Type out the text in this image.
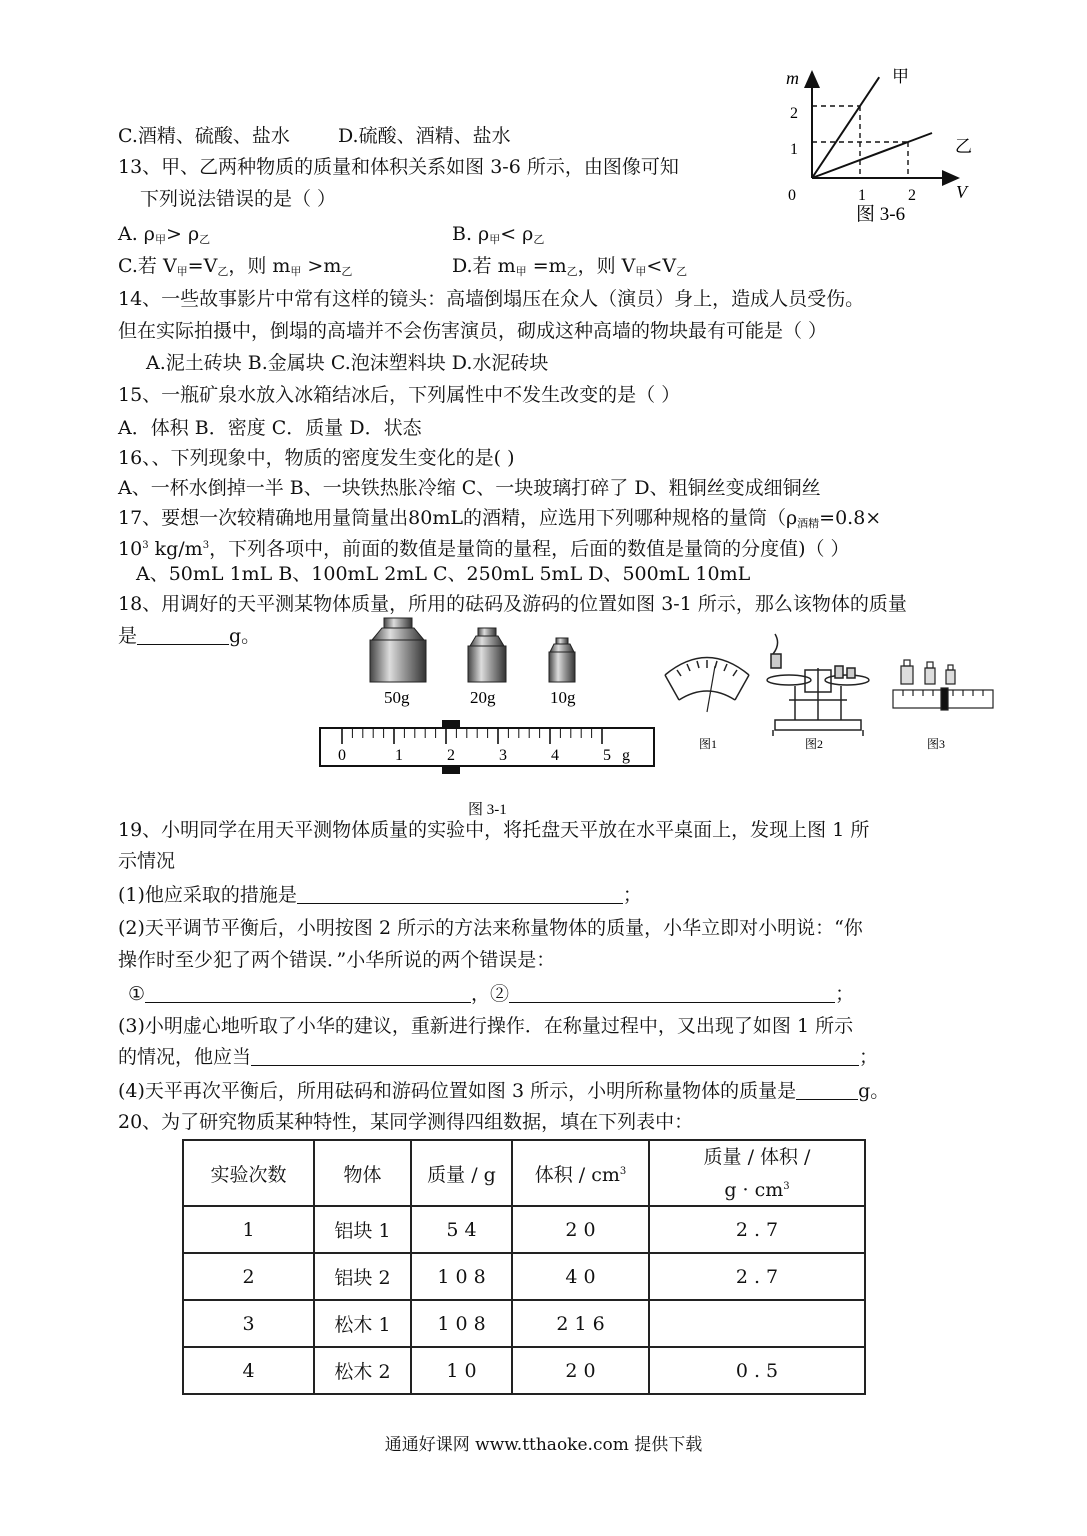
C.酒精、硫酸、盐水	D.硫酸、酒精、盐水
13、甲、乙两种物质的质量和体积关系如图 3-6 所示，由图像可知
下列说法错误的是（ ）
A. $\rho_甲> \rho_乙$	B. $\rho_甲< \rho_乙$
C.若 $V_甲=V_乙$，则 $m_甲 >m_乙$	D.若 $m_甲 =m_乙$，则 $V_甲<V_乙$
m
V
0
2
1
1	2
甲
乙
图 3-6
14、一些故事影片中常有这样的镜头：高墙倒塌压在众人（演员）身上，造成人员受伤。
但在实际拍摄中，倒塌的高墙并不会伤害演员，砌成这种高墙的物块最有可能是（ ）
A.泥土砖块 B.金属块 C.泡沫塑料块 D.水泥砖块
15、一瓶矿泉水放入冰箱结冰后，下列属性中不发生改变的是（ ）
A．体积 B．密度 C．质量 D．状态
16、、下列现象中，物质的密度发生变化的是( )
A、一杯水倒掉一半 B、一块铁热胀冷缩 C、一块玻璃打碎了 D、粗铜丝变成细铜丝
17、要想一次较精确地用量筒量出80mL的酒精，应选用下列哪种规格的量筒（$\rho_{酒精}=0.8\times$
$10^3$ $kg/m^3$，下列各项中，前面的数值是量筒的量程，后面的数值是量筒的分度值)（ ）
A、50mL 1mL B、100mL 2mL C、250mL 5mL D、500mL 10mL
18、用调好的天平测某物体质量，所用的砝码及游码的位置如图 3-1 所示，那么该物体的质量
是	g。
50g	20g	10g
0	1	2	3	4	5 g
图 3-1
图1	图2	图3
19、小明同学在用天平测物体质量的实验中，将托盘天平放在水平桌面上，发现上图 1 所
示情况
(1)他应采取的措施是	；
(2)天平调节平衡后，小明按图 2 所示的方法来称量物体的质量，小华立即对小明说：“你
操作时至少犯了两个错误．”小华所说的两个错误是：
①	，②	；
(3)小明虚心地听取了小华的建议，重新进行操作．在称量过程中，又出现了如图 1 所示
的情况，他应当	；
(4)天平再次平衡后，所用砝码和游码位置如图 3 所示，小明所称量物体的质量是	g。
20、为了研究物质某种特性，某同学测得四组数据，填在下列表中：
实验次数	物体	质量 / g	体积 / $cm^3$	质量 / 体积 /
$g \cdot cm^3$

1	铝块 1	5 4	2 0	2 . 7
2	铝块 2	1 0 8	4 0	2 . 7
3	松木 1	1 0 8	2 1 6	
4	松木 2	1 0	2 0	0 . 5
通通好课网 www.tthaoke.com 提供下载
